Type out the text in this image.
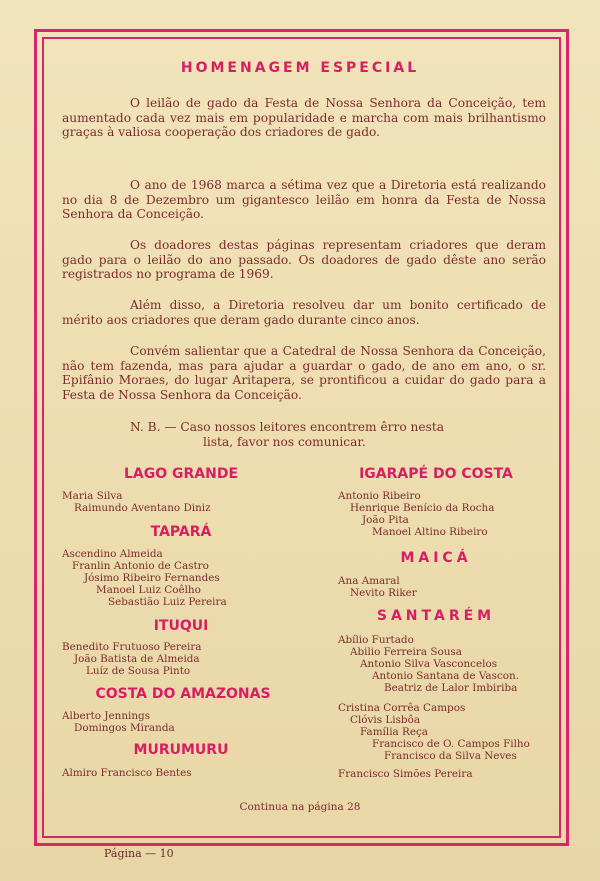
HOMENAGEM ESPECIAL
O leilão de gado da Festa de Nossa Senhora da Conceição, tem aumentado cada vez mais em popularidade e marcha com mais brilhantismo graças à valiosa cooperação dos criadores de gado.
O ano de 1968 marca a sétima vez que a Diretoria está realizando no dia 8 de Dezembro um gigantesco leilão em honra da Festa de Nossa Senhora da Conceição.
Os doadores destas páginas representam criadores que deram gado para o leilão do ano passado. Os doadores de gado dêste ano serão registrados no programa de 1969.
Além disso, a Diretoria resolveu dar um bonito certificado de mérito aos criadores que deram gado durante cinco anos.
Convém salientar que a Catedral de Nossa Senhora da Conceição, não tem fazenda, mas para ajudar a guardar o gado, de ano em ano, o sr. Epifânio Moraes, do lugar Aritapera, se prontificou a cuidar do gado para a Festa de Nossa Senhora da Conceição.
N. B. — Caso nossos leitores encontrem êrro nesta
lista, favor nos comunicar.
LAGO GRANDE
Maria Silva
Raimundo Aventano Diniz
TAPARÁ
Ascendino Almeida
Franlin Antonio de Castro
Jósimo Ribeiro Fernandes
Manoel Luiz Coêlho
Sebastião Luiz Pereira
ITUQUI
Benedito Frutuoso Pereira
João Batista de Almeida
Luíz de Sousa Pinto
COSTA DO AMAZONAS
Alberto Jennings
Domingos Miranda
MURUMURU
Almiro Francisco Bentes
IGARAPÉ DO COSTA
Antonio Ribeiro
Henrique Benício da Rocha
João Pita
Manoel Altino Ribeiro
MAICÁ
Ana Amaral
Nevito Riker
SANTARÉM
Abílio Furtado
Abilio Ferreira Sousa
Antonio Silva Vasconcelos
Antonio Santana de Vascon.
Beatriz de Lalor Imbiriba
Cristina Corrêa Campos
Clóvis Lisbôa
Família Reça
Francisco de O. Campos Filho
Francisco da Silva Neves
Francisco Simões Pereira
Continua na página 28
Página — 10
